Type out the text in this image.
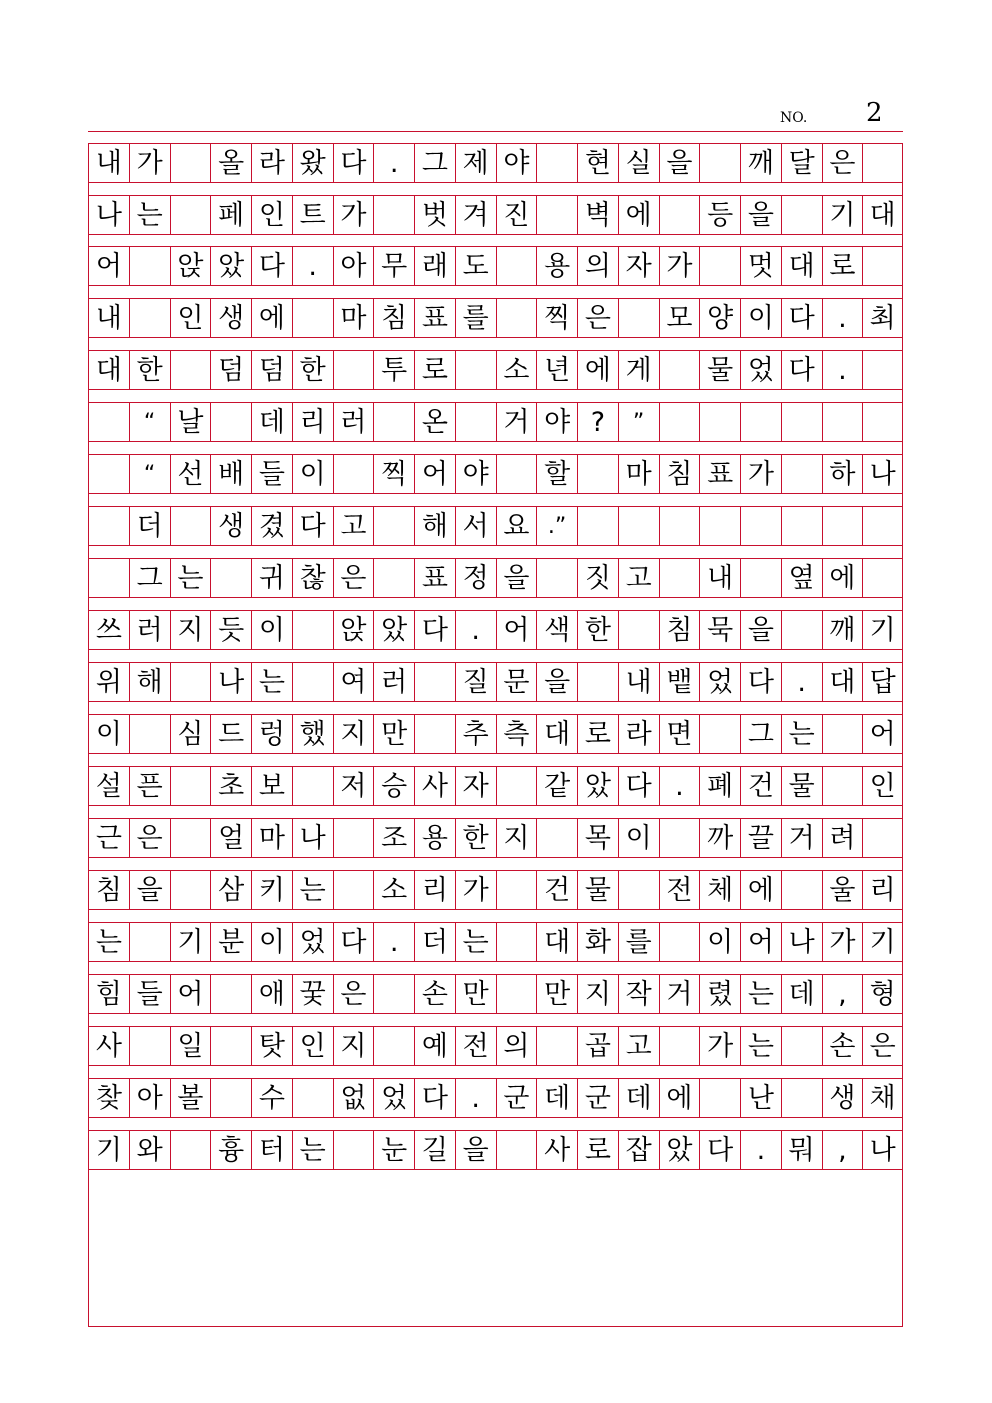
NO. 2
내 가 올 라 왔 다 . 그 제 야 현 실 을 깨 달 은
나 는 페 인 트 가 벗 겨 진 벽 에 등 을 기 대
어 앉 았 다 . 아 무 래 도 용 의 자 가 멋 대 로
내 인 생 에 마 침 표 를 찍 은 모 양 이 다 . 최
대 한 덤 덤 한 투 로 소 년 에 게 물 었 다 .
“ 날 데 리 러 온 거 야 ?	”
“ 선 배 들 이 찍 어 야 할 마 침 표 가 하 나
더 생 겼 다 고 해 서 요 .”
그 는 귀 찮 은 표 정 을 짓 고 내 옆 에
쓰 러 지 듯 이 앉 았 다 . 어 색 한 침 묵 을 깨 기
위 해 나 는 여 러 질 문 을 내 뱉 었 다 . 대 답
이 심 드 렁 했 지 만 추 측 대 로 라 면 그 는 어
설 픈 초 보 저 승 사 자 같 았 다 . 폐 건 물 인
근 은 얼 마 나 조 용 한 지 목 이 까 끌 거 려
침 을 삼 키 는 소 리 가 건 물 전 체 에 울 리
는 기 분 이 었 다 . 더 는 대 화 를 이 어 나 가 기
힘 들 어 애 꿎 은 손 만 만 지 작 거 렸 는 데 , 형
사 일 탓 인 지 예 전 의 곱 고 가 는 손 은
찾 아 볼 수 없 었 다 . 군 데 군 데 에 난 생 채
기 와 흉 터 는 눈 길 을 사 로 잡 았 다 . 뭐 , 나
